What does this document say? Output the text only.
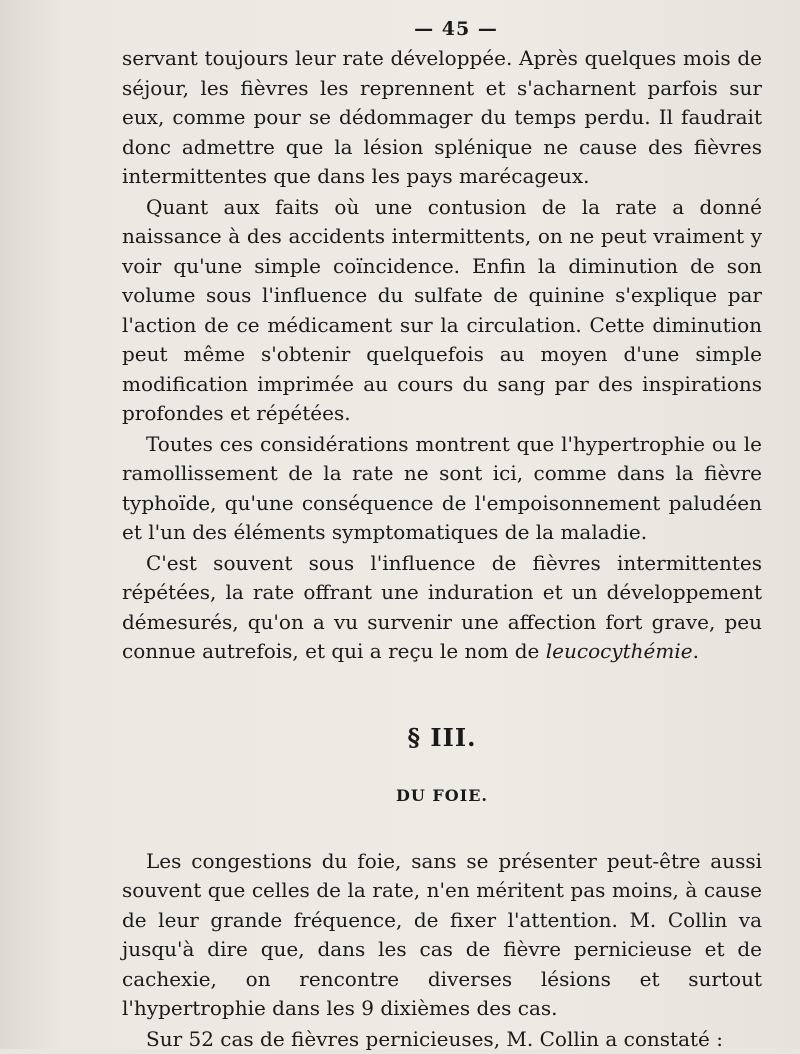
— 45 —

servant toujours leur rate développée. Après quelques mois de séjour, les fièvres les reprennent et s'acharnent parfois sur eux, comme pour se dédommager du temps perdu. Il faudrait donc admettre que la lésion splénique ne cause des fièvres intermittentes que dans les pays marécageux.

Quant aux faits où une contusion de la rate a donné naissance à des accidents intermittents, on ne peut vraiment y voir qu'une simple coïncidence. Enfin la diminution de son volume sous l'influence du sulfate de quinine s'explique par l'action de ce médicament sur la circulation. Cette diminution peut même s'obtenir quelquefois au moyen d'une simple modification imprimée au cours du sang par des inspirations profondes et répétées.

Toutes ces considérations montrent que l'hypertrophie ou le ramollissement de la rate ne sont ici, comme dans la fièvre typhoïde, qu'une conséquence de l'empoisonnement paludéen et l'un des éléments symptomatiques de la maladie.

C'est souvent sous l'influence de fièvres intermittentes répétées, la rate offrant une induration et un développement démesurés, qu'on a vu survenir une affection fort grave, peu connue autrefois, et qui a reçu le nom de leucocythémie.

§ III.
DU FOIE.

Les congestions du foie, sans se présenter peut-être aussi souvent que celles de la rate, n'en méritent pas moins, à cause de leur grande fréquence, de fixer l'attention. M. Collin va jusqu'à dire que, dans les cas de fièvre pernicieuse et de cachexie, on rencontre diverses lésions et surtout l'hypertrophie dans les 9 dixièmes des cas.

Sur 52 cas de fièvres pernicieuses, M. Collin a constaté :
